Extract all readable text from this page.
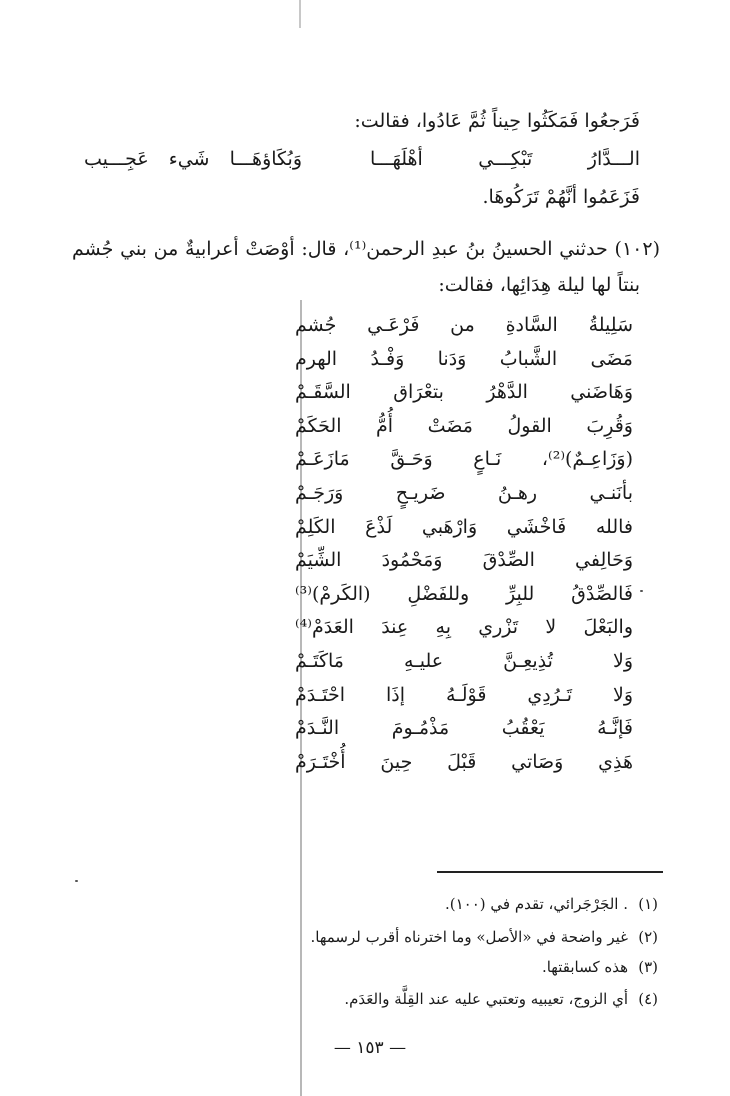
فَرَجعُوا فَمَكَثُوا حِيناً ثُمَّ عَادُوا، فقالت:
الـــدَّارُ تَبْكِـــي أهْلَهَـــا
وَبُكَاؤهَـــا شَيء عَجِـــيب
فَزَعَمُوا أنَّهُمْ تَرَكُوهَا.
(١٠٢) حدثني الحسينُ بنُ عبدِ الرحمن⁽¹⁾، قال: أوْصَتْ أعرابيةٌ من بني جُشم
بنتاً لها ليلة هِدَائِها، فقالت:
سَلِيلةُ السَّادةِ من فَرْعَـي جُشم
مَضَى الشَّبابُ وَدَنا وَفْـدُ الهرم
وَهَاضَني الدَّهْرُ بتعْرَاق السَّقَـمْ
وَقُرِبَ القولُ مَضَتْ أُمُّ الحَكَمْ
(وَزَاعِـمٌ)⁽²⁾، نَـاعٍ وَحَـقَّ مَازَعَـمْ
بأنَنـي رهـنُ ضَريـحٍ وَرَجَـمْ
فالله فَاخْشَي وَارْهَبي لَذْعَ الكَلِمْ
وَحَالِفي الصِّدْقَ وَمَحْمُودَ الشِّيَمْ
فَالصِّدْقُ للبِرِّ وللفَضْلِ (الكَرمْ)⁽³⁾
والبَعْلَ لا تَزْري بِهِ عِندَ العَدَمْ⁽⁴⁾
وَلا تُذِيعِـنَّ عليـهِ مَاكَتَـمْ
وَلا تَـرُدِي قَوْلَـهُ إذَا احْتَـدَمْ
فَإنَّـهُ يَعْقُبُ مَذْمُـومَ النَّـدَمْ
هَذِي وَصَاتي قَبْلَ حِينَ أُخْتَـرَمْ
(١). الجَرْجَرائي، تقدم في (١٠٠).
(٢)غير واضحة في «الأصل» وما اخترناه أقرب لرسمها.
(٣)هذه كسابقتها.
(٤)أي الزوج، تعيبيه وتعتبي عليه عند القِلَّة والعَدَم.
— ١٥٣ —
